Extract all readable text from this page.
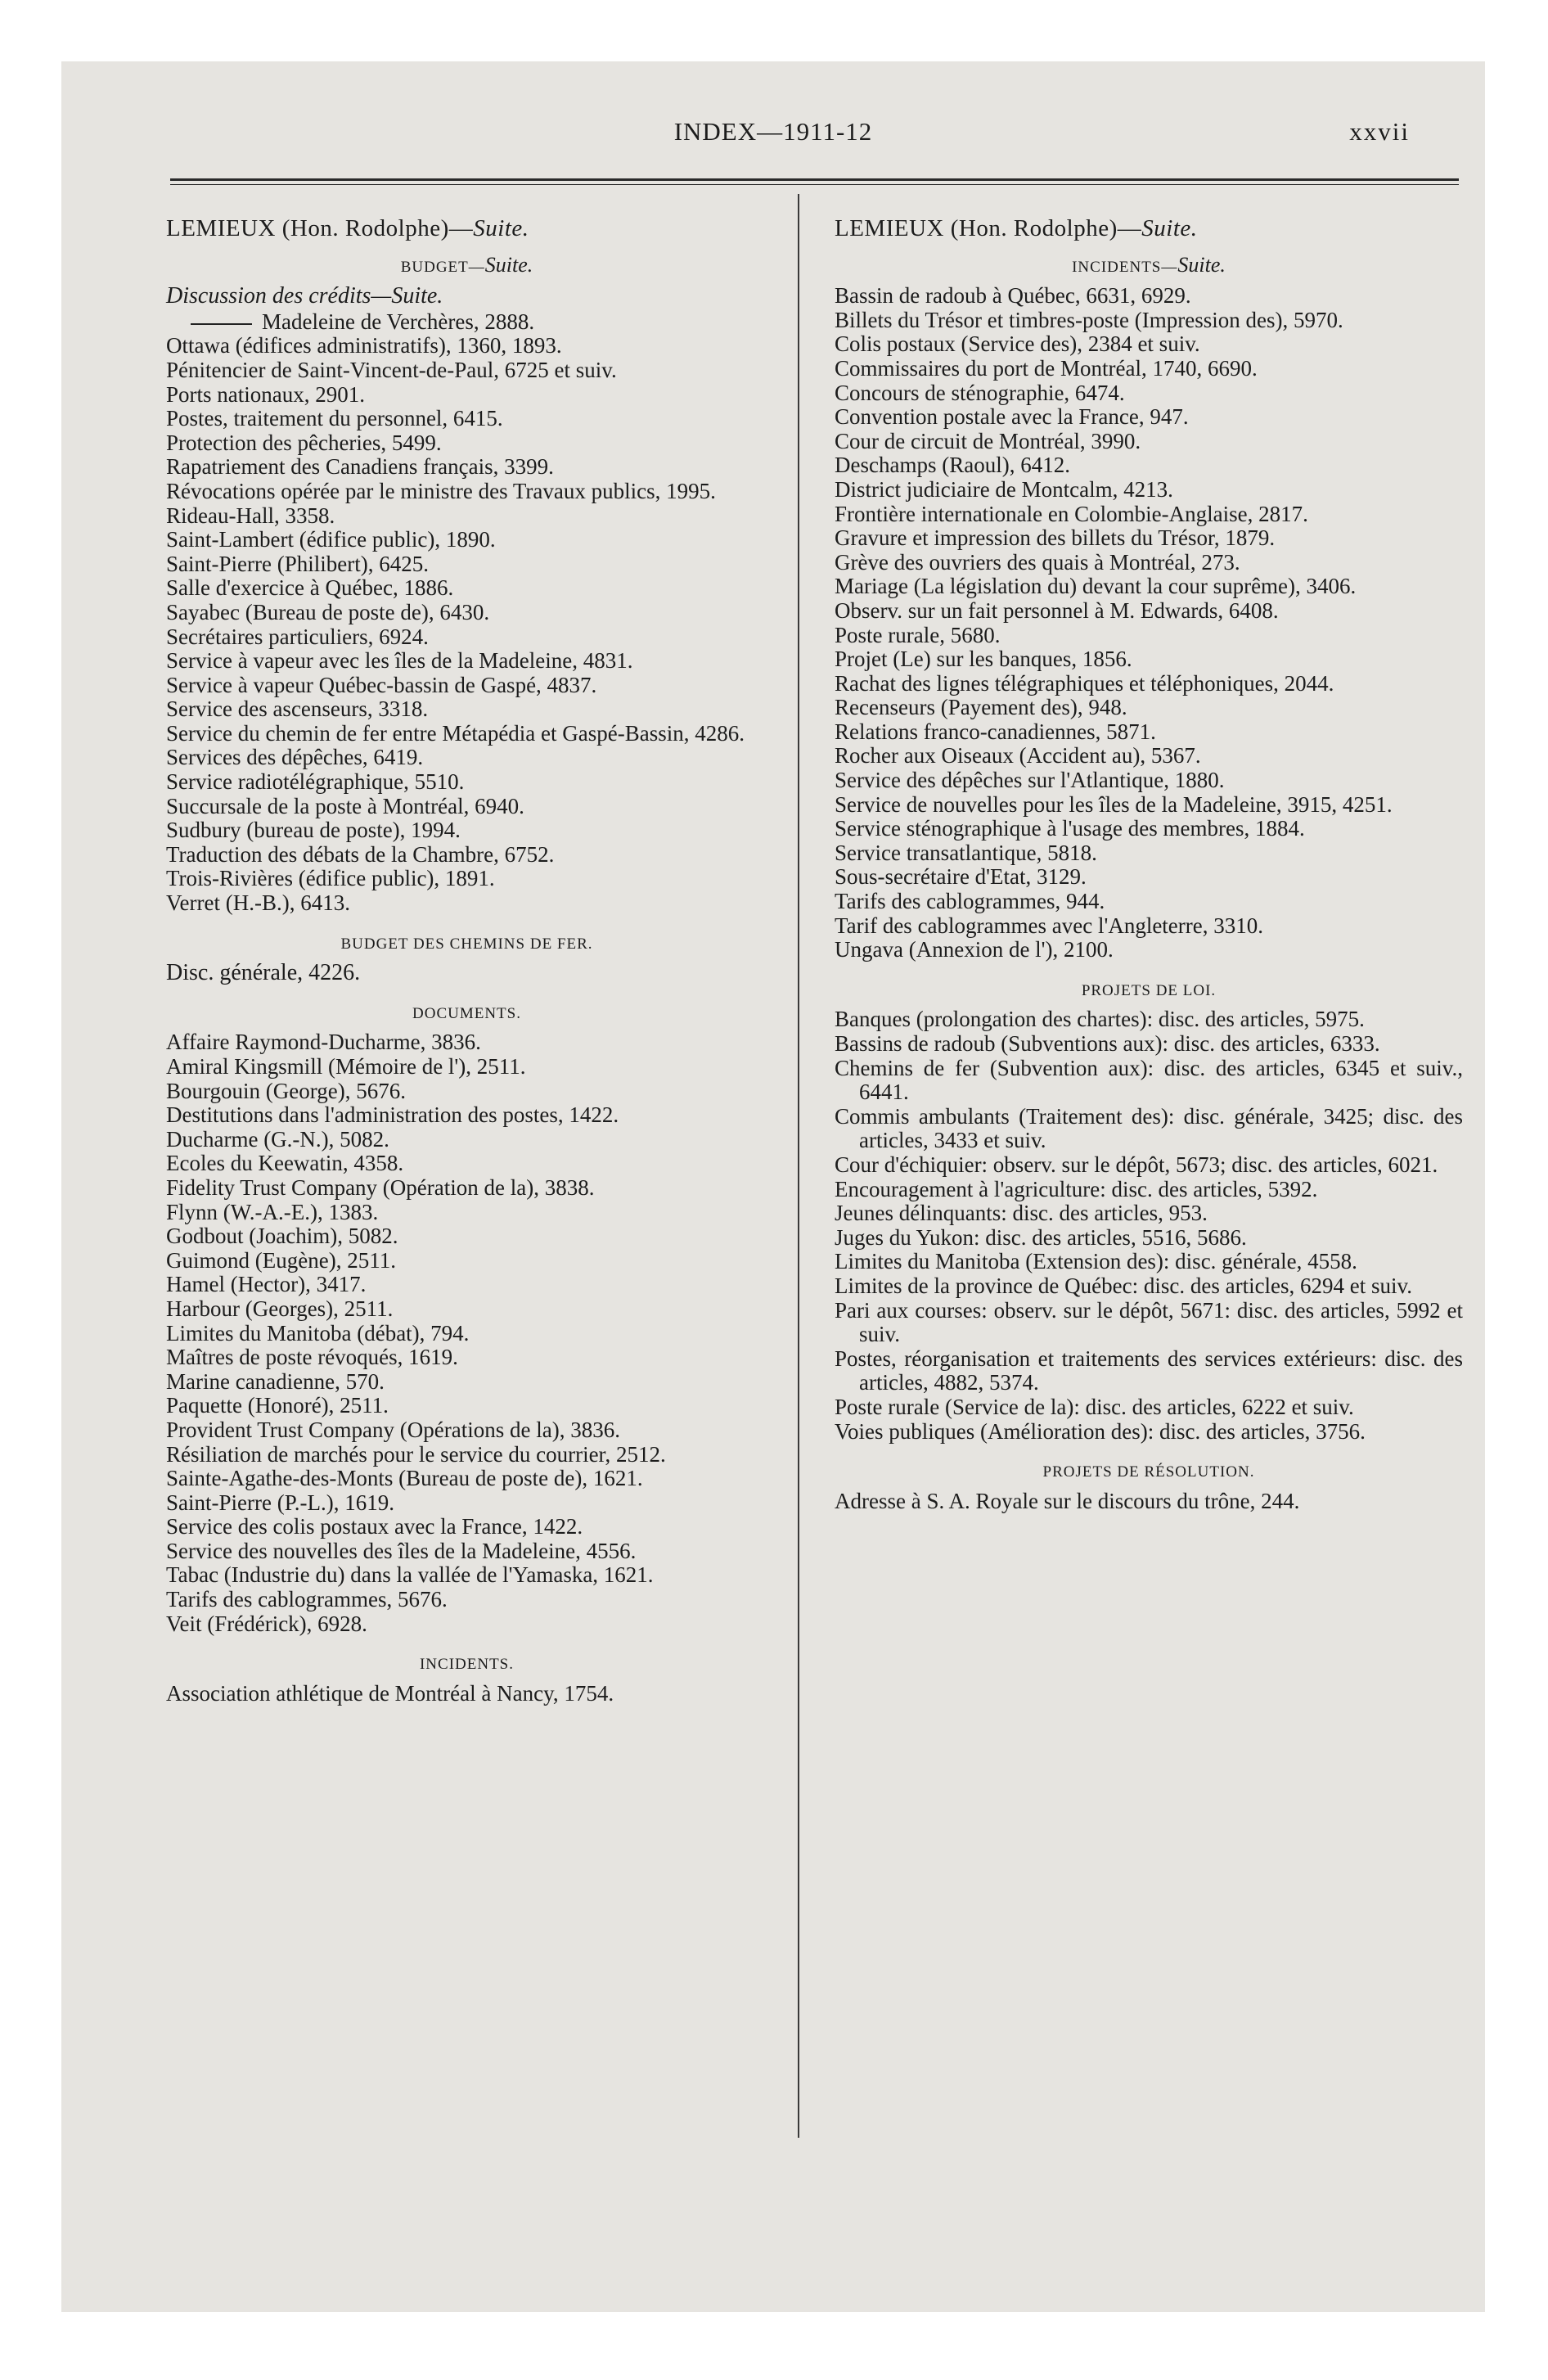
INDEX—1911-12	xxvii
LEMIEUX (Hon. Rodolphe)—Suite.
BUDGET—Suite.
Discussion des crédits—Suite.
Madeleine de Verchères, 2888.
Ottawa (édifices administratifs), 1360, 1893.
Pénitencier de Saint-Vincent-de-Paul, 6725 et suiv.
Ports nationaux, 2901.
Postes, traitement du personnel, 6415.
Protection des pêcheries, 5499.
Rapatriement des Canadiens français, 3399.
Révocations opérée par le ministre des Travaux publics, 1995.
Rideau-Hall, 3358.
Saint-Lambert (édifice public), 1890.
Saint-Pierre (Philibert), 6425.
Salle d'exercice à Québec, 1886.
Sayabec (Bureau de poste de), 6430.
Secrétaires particuliers, 6924.
Service à vapeur avec les îles de la Madeleine, 4831.
Service à vapeur Québec-bassin de Gaspé, 4837.
Service des ascenseurs, 3318.
Service du chemin de fer entre Métapédia et Gaspé-Bassin, 4286.
Services des dépêches, 6419.
Service radiotélégraphique, 5510.
Succursale de la poste à Montréal, 6940.
Sudbury (bureau de poste), 1994.
Traduction des débats de la Chambre, 6752.
Trois-Rivières (édifice public), 1891.
Verret (H.-B.), 6413.
BUDGET DES CHEMINS DE FER.
Disc. générale, 4226.
DOCUMENTS.
Affaire Raymond-Ducharme, 3836.
Amiral Kingsmill (Mémoire de l'), 2511.
Bourgouin (George), 5676.
Destitutions dans l'administration des postes, 1422.
Ducharme (G.-N.), 5082.
Ecoles du Keewatin, 4358.
Fidelity Trust Company (Opération de la), 3838.
Flynn (W.-A.-E.), 1383.
Godbout (Joachim), 5082.
Guimond (Eugène), 2511.
Hamel (Hector), 3417.
Harbour (Georges), 2511.
Limites du Manitoba (débat), 794.
Maîtres de poste révoqués, 1619.
Marine canadienne, 570.
Paquette (Honoré), 2511.
Provident Trust Company (Opérations de la), 3836.
Résiliation de marchés pour le service du courrier, 2512.
Sainte-Agathe-des-Monts (Bureau de poste de), 1621.
Saint-Pierre (P.-L.), 1619.
Service des colis postaux avec la France, 1422.
Service des nouvelles des îles de la Madeleine, 4556.
Tabac (Industrie du) dans la vallée de l'Yamaska, 1621.
Tarifs des cablogrammes, 5676.
Veit (Frédérick), 6928.
INCIDENTS.
Association athlétique de Montréal à Nancy, 1754.
LEMIEUX (Hon. Rodolphe)—Suite.
INCIDENTS—Suite.
Bassin de radoub à Québec, 6631, 6929.
Billets du Trésor et timbres-poste (Impression des), 5970.
Colis postaux (Service des), 2384 et suiv.
Commissaires du port de Montréal, 1740, 6690.
Concours de sténographie, 6474.
Convention postale avec la France, 947.
Cour de circuit de Montréal, 3990.
Deschamps (Raoul), 6412.
District judiciaire de Montcalm, 4213.
Frontière internationale en Colombie-Anglaise, 2817.
Gravure et impression des billets du Trésor, 1879.
Grève des ouvriers des quais à Montréal, 273.
Mariage (La législation du) devant la cour suprême), 3406.
Observ. sur un fait personnel à M. Edwards, 6408.
Poste rurale, 5680.
Projet (Le) sur les banques, 1856.
Rachat des lignes télégraphiques et téléphoniques, 2044.
Recenseurs (Payement des), 948.
Relations franco-canadiennes, 5871.
Rocher aux Oiseaux (Accident au), 5367.
Service des dépêches sur l'Atlantique, 1880.
Service de nouvelles pour les îles de la Madeleine, 3915, 4251.
Service sténographique à l'usage des membres, 1884.
Service transatlantique, 5818.
Sous-secrétaire d'Etat, 3129.
Tarifs des cablogrammes, 944.
Tarif des cablogrammes avec l'Angleterre, 3310.
Ungava (Annexion de l'), 2100.
PROJETS DE LOI.
Banques (prolongation des chartes): disc. des articles, 5975.
Bassins de radoub (Subventions aux): disc. des articles, 6333.
Chemins de fer (Subvention aux): disc. des articles, 6345 et suiv., 6441.
Commis ambulants (Traitement des): disc. générale, 3425; disc. des articles, 3433 et suiv.
Cour d'échiquier: observ. sur le dépôt, 5673; disc. des articles, 6021.
Encouragement à l'agriculture: disc. des articles, 5392.
Jeunes délinquants: disc. des articles, 953.
Juges du Yukon: disc. des articles, 5516, 5686.
Limites du Manitoba (Extension des): disc. générale, 4558.
Limites de la province de Québec: disc. des articles, 6294 et suiv.
Pari aux courses: observ. sur le dépôt, 5671: disc. des articles, 5992 et suiv.
Postes, réorganisation et traitements des services extérieurs: disc. des articles, 4882, 5374.
Poste rurale (Service de la): disc. des articles, 6222 et suiv.
Voies publiques (Amélioration des): disc. des articles, 3756.
PROJETS DE RÉSOLUTION.
Adresse à S. A. Royale sur le discours du trône, 244.
